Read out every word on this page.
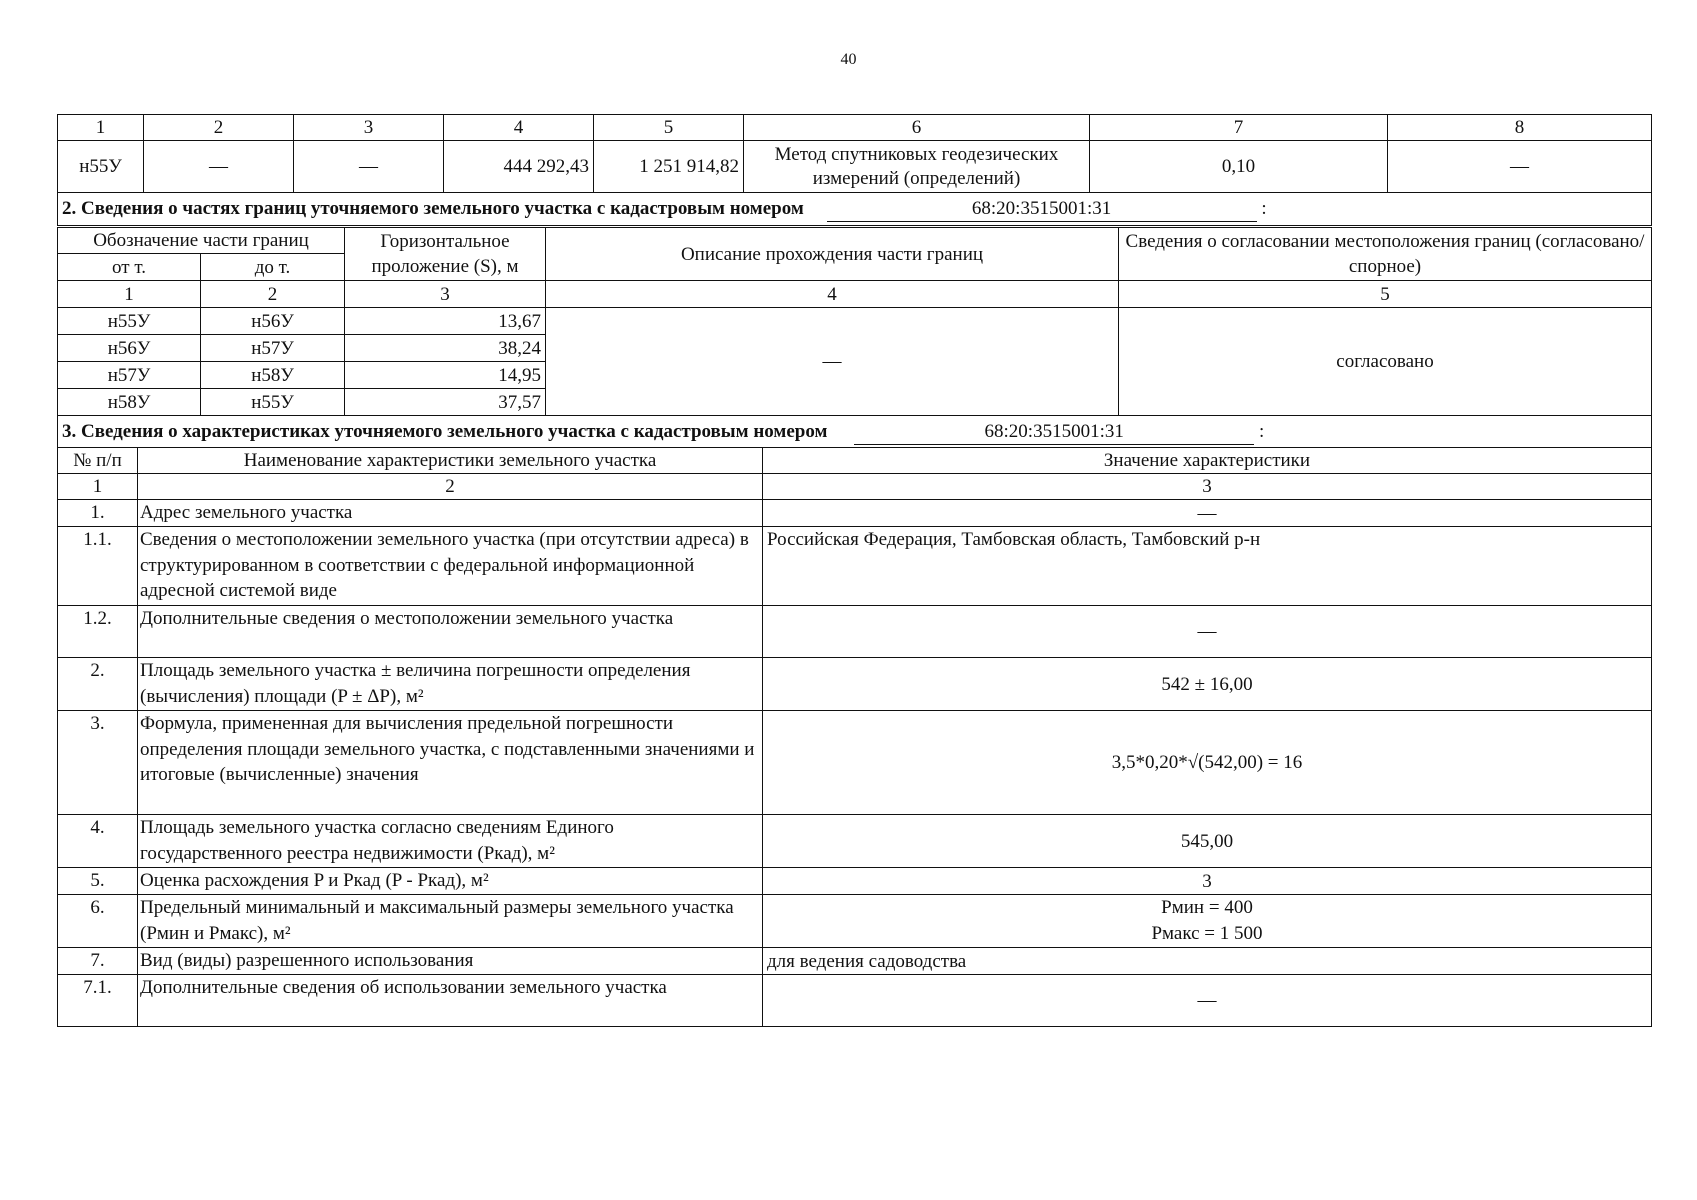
40
1	2	3	4	5	6	7	8
н55У	—	—	444 292,43	1 251 914,82	Метод спутниковых геодезических измерений (определений)	0,10	—
2. Сведения о частях границ уточняемого земельного участка с кадастровым номером 68:20:3515001:31 :							
Обозначение части границ		Горизонтальное проложение (S), м	Описание прохождения части границ	Сведения о согласовании местоположения границ (согласовано/спорное)
от т.	до т.			
1	2	3	4	5
н55У	н56У	13,67	—	согласовано
н56У	н57У	38,24		
н57У	н58У	14,95		
н58У	н55У	37,57		
3. Сведения о характеристиках уточняемого земельного участка с кадастровым номером 68:20:3515001:31 :				
№ п/п	Наименование характеристики земельного участка	Значение характеристики
1	2	3
1.	Адрес земельного участка	—
1.1.	Сведения о местоположении земельного участка (при отсутствии адреса) в структурированном в соответствии с федеральной информационной адресной системой виде	Российская Федерация, Тамбовская область, Тамбовский р-н
1.2.	Дополнительные сведения о местоположении земельного участка	—
2.	Площадь земельного участка ± величина погрешности определения (вычисления) площади (P ± ΔP), м²	542 ± 16,00
3.	Формула, примененная для вычисления предельной погрешности определения площади земельного участка, с подставленными значениями и итоговые (вычисленные) значения	3,5*0,20*√(542,00) = 16
4.	Площадь земельного участка согласно сведениям Единого государственного реестра недвижимости (Ркад), м²	545,00
5.	Оценка расхождения P и Ркад (P - Ркад), м²	3
6.	Предельный минимальный и максимальный размеры земельного участка (Рмин и Рмакс), м²	Рмин = 400
Рмакс = 1 500

7.	Вид (виды) разрешенного использования	для ведения садоводства
7.1.	Дополнительные сведения об использовании земельного участка	—
